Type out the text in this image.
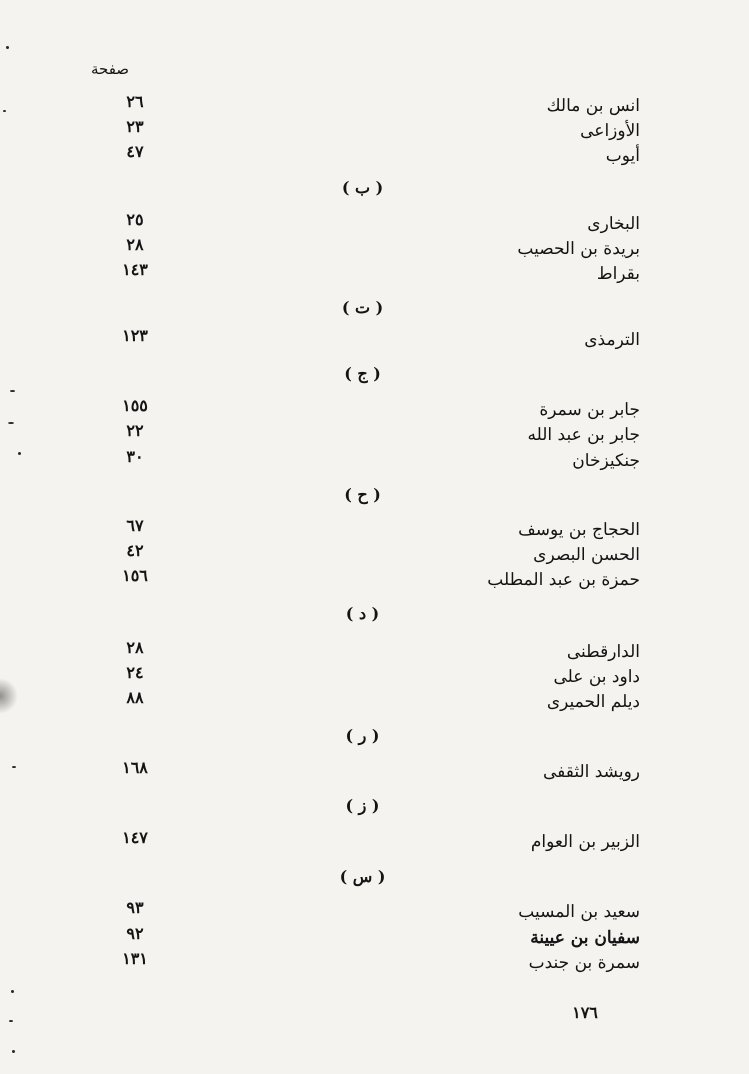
صفحة
انس بن مالك
٢٦
الأوزاعى
٢٣
أيوب
٤٧
( ب )
البخارى
٢٥
بريدة بن الحصيب
٢٨
بقراط
١٤٣
( ت )
الترمذى
١٢٣
( ج )
جابر بن سمرة
١٥٥
جابر بن عبد الله
٢٢
جنكيزخان
٣٠
( ح )
الحجاج بن يوسف
٦٧
الحسن البصرى
٤٢
حمزة بن عبد المطلب
١٥٦
( د )
الدارقطنى
٢٨
داود بن على
٢٤
ديلم الحميرى
٨٨
( ر )
رويشد الثقفى
١٦٨
( ز )
الزبير بن العوام
١٤٧
( س )
سعيد بن المسيب
٩٣
سفيان بن عيينة
٩٢
سمرة بن جندب
١٣١
١٧٦
